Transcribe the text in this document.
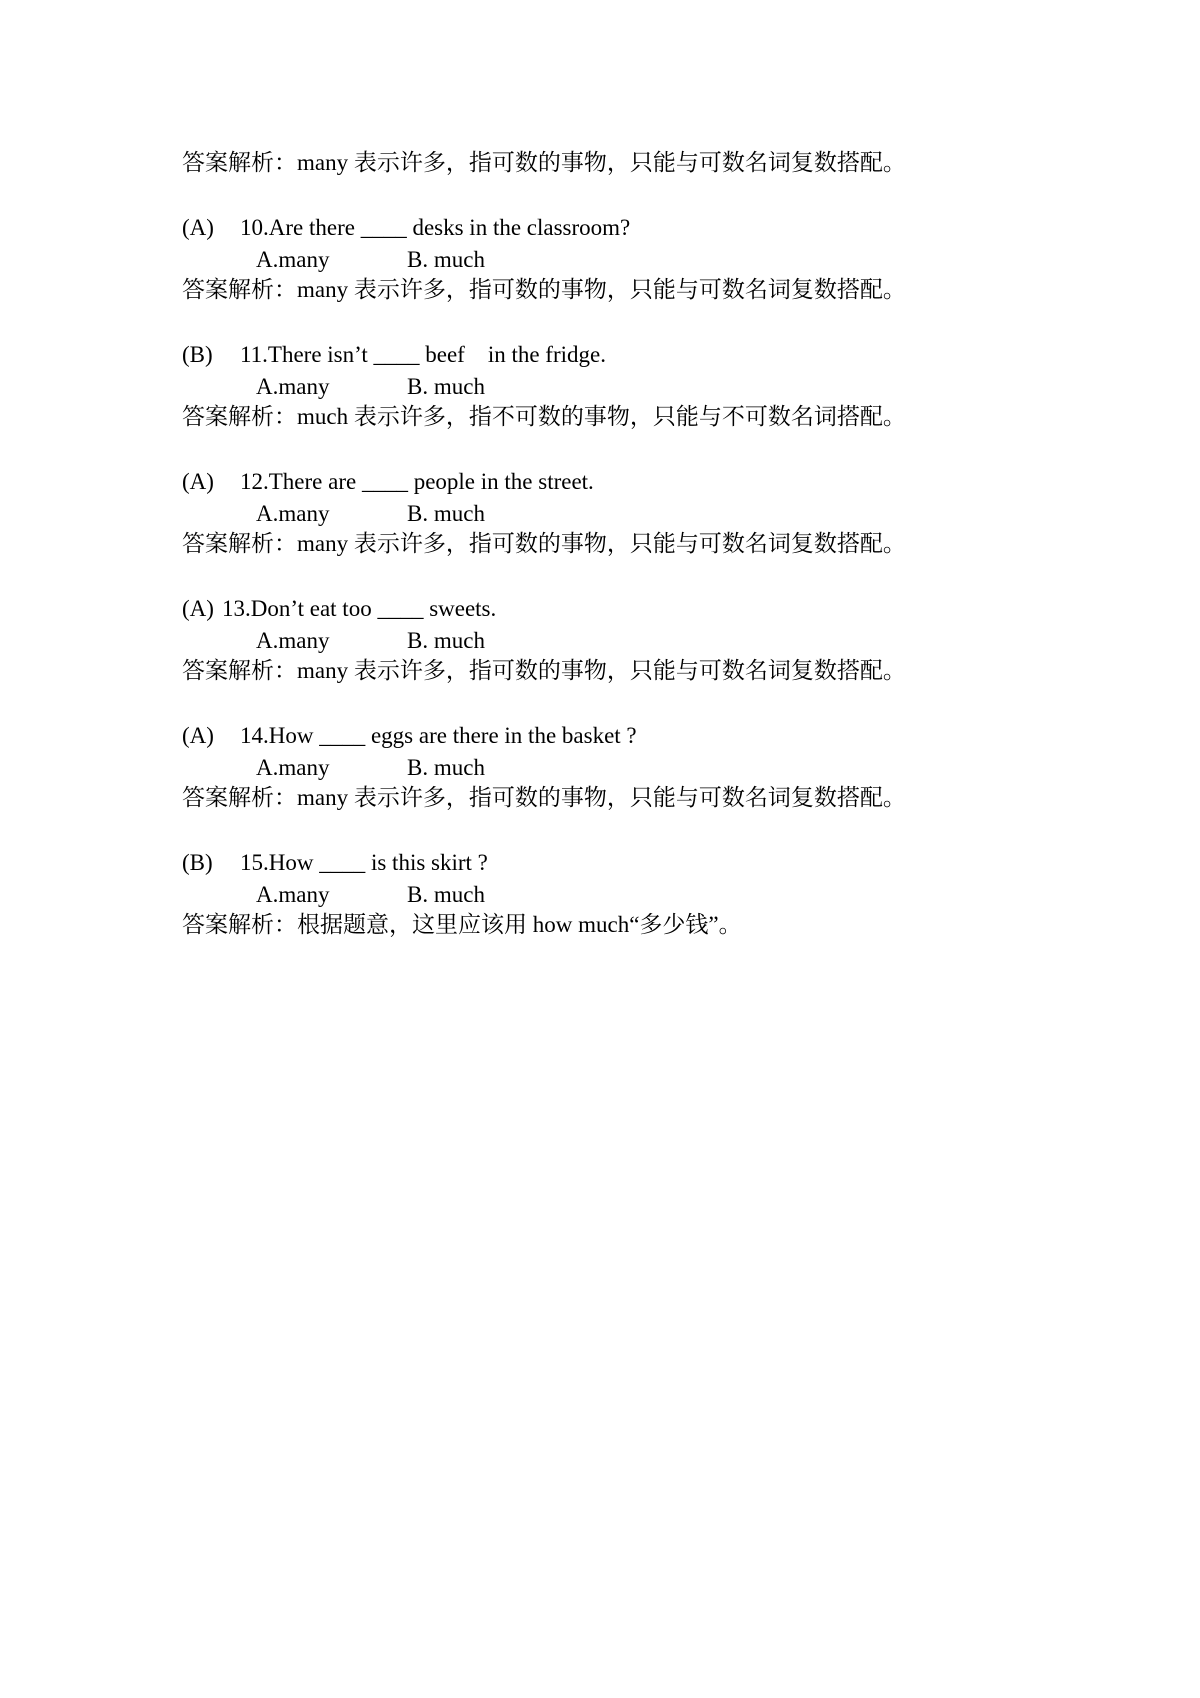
答案解析：many 表示许多，指可数的事物，只能与可数名词复数搭配。
(A) 10.Are there ____ desks in the classroom?
A.many	B. much
答案解析：many 表示许多，指可数的事物，只能与可数名词复数搭配。
(B) 11.There isn’t ____ beef    in the fridge.
A.many	B. much
答案解析：much 表示许多，指不可数的事物，只能与不可数名词搭配。
(A) 12.There are ____ people in the street.
A.many	B. much
答案解析：many 表示许多，指可数的事物，只能与可数名词复数搭配。
(A) 13.Don’t eat too ____ sweets.
A.many	B. much
答案解析：many 表示许多，指可数的事物，只能与可数名词复数搭配。
(A) 14.How ____ eggs are there in the basket ?
A.many	B. much
答案解析：many 表示许多，指可数的事物，只能与可数名词复数搭配。
(B) 15.How ____ is this skirt ?
A.many	B. much
答案解析：根据题意，这里应该用 how much“多少钱”。
